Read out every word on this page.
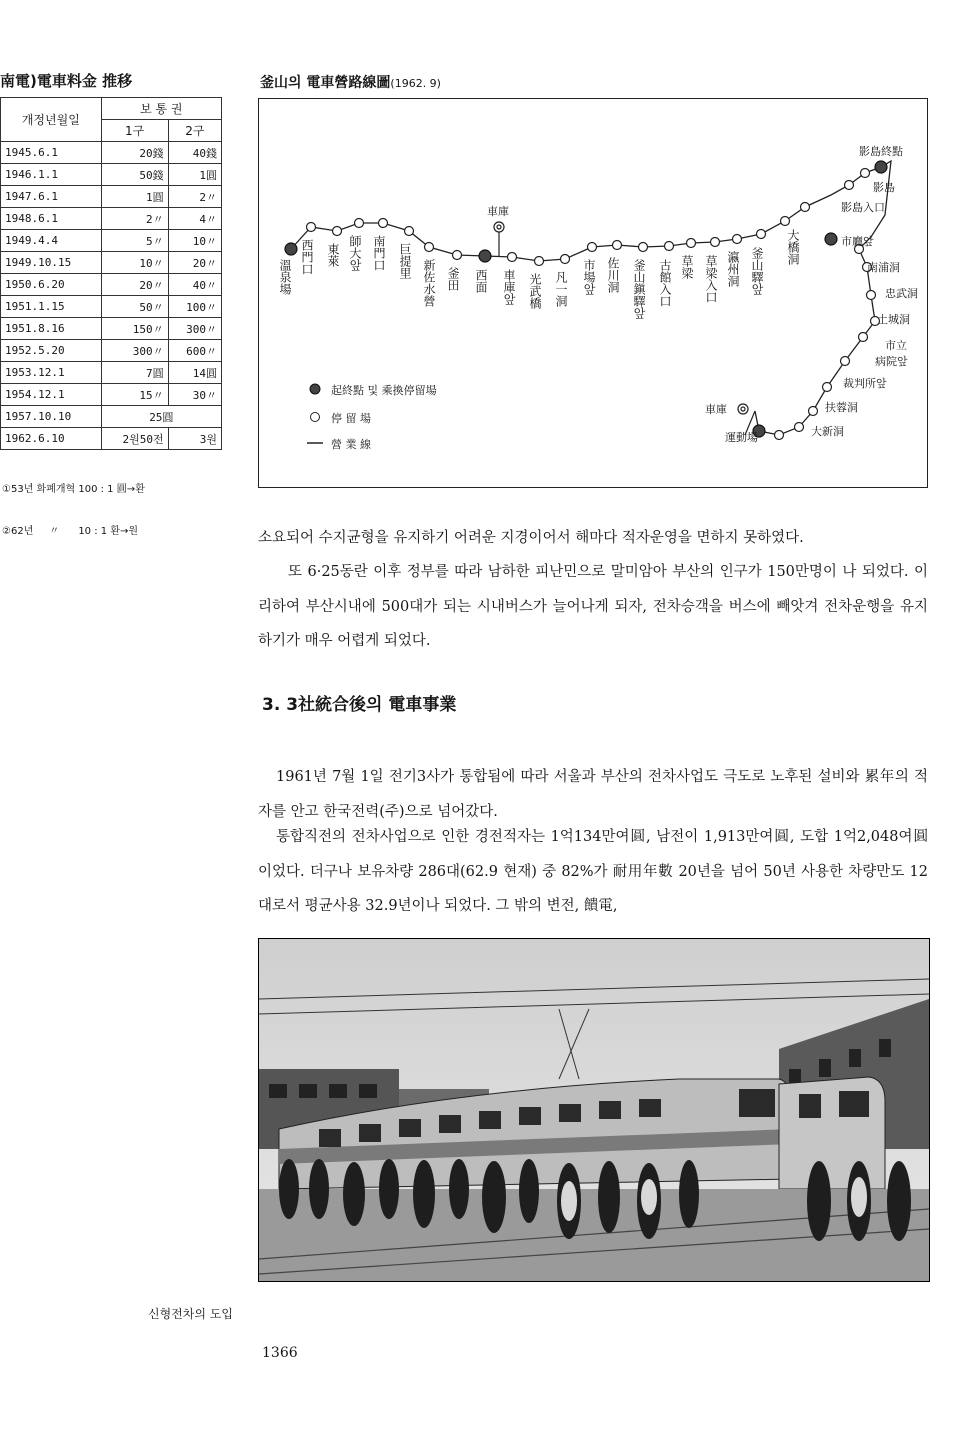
南電)電車料金 推移
개정년월일	보 통 권	
	1구	2구
1945.6.1	20錢	40錢
1946.1.1	50錢	1圓
1947.6.1	1圓	2〃
1948.6.1	2〃	4〃
1949.4.4	5〃	10〃
1949.10.15	10〃	20〃
1950.6.20	20〃	40〃
1951.1.15	50〃	100〃
1951.8.16	150〃	300〃
1952.5.20	300〃	600〃
1953.12.1	7圓	14圓
1954.12.1	15〃	30〃
1957.10.10	25圓	
1962.6.10	2원50전	3원

①53년 화폐개혁 100 : 1 圓→환

②62년     〃      10 : 1 환→원

釜山의 電車營路線圖(1962. 9)
車庫
車庫
溫泉場
西門口 東萊 師大앞 南門口 巨提里 新佐水營 釜田 西面 車庫앞 光武橋 凡一洞 市場앞 佐川洞 釜山鎭驛앞 古館入口 草梁 草梁入口 瀛州洞 釜山驛앞 大橋洞
影島終點
影島
影島入口
市廳앞
南浦洞
忠武洞
土城洞
市立
病院앞
裁判所앞
扶蓉洞
大新洞
運動場
起終點 및 乘換停留場
停 留 場
營 業 線
소요되어 수지균형을 유지하기 어려운 지경이어서 해마다 적자운영을 면하지 못하였다.
또 6·25동란 이후 정부를 따라 남하한 피난민으로 말미암아 부산의 인구가 150만명이 나 되었다. 이리하여 부산시내에 500대가 되는 시내버스가 늘어나게 되자, 전차승객을 버스에 빼앗겨 전차운행을 유지하기가 매우 어렵게 되었다.
3. 3社統合後의 電車事業
1961년 7월 1일 전기3사가 통합됨에 따라 서울과 부산의 전차사업도 극도로 노후된 설비와 累年의 적자를 안고 한국전력(주)으로 넘어갔다.
통합직전의 전차사업으로 인한 경전적자는 1억134만여圓, 남전이 1,913만여圓, 도합 1억2,048여圓이었다. 더구나 보유차량 286대(62.9 현재) 중 82%가 耐用年數 20년을 넘어 50년 사용한 차량만도 12대로서 평균사용 32.9년이나 되었다. 그 밖의 변전, 饋電,
신형전차의 도입
1366
